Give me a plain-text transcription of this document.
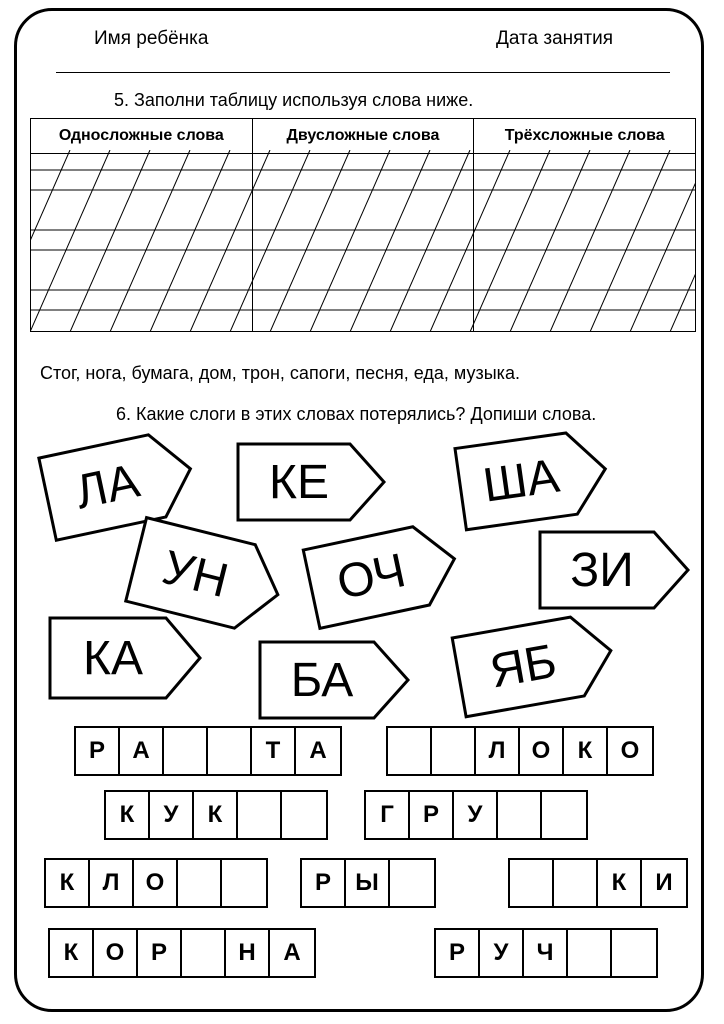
Имя ребёнка	Дата занятия
5. Заполни таблицу используя слова ниже.
Односложные слова	Двусложные слова	Трёхсложные слова

Стог, нога, бумага, дом, трон, сапоги, песня, еда, музыка.
6. Какие слоги в этих словах потерялись? Допиши слова.
ЛА	КЕ	ША
УН	ОЧ	ЗИ
КА	БА	ЯБ
Р	А	Т	А	Л	О	К	О
К	У	К	Г	Р	У
К	Л	О	Р	Ы	К	И
К	О	Р	Н	А	Р	У	Ч
